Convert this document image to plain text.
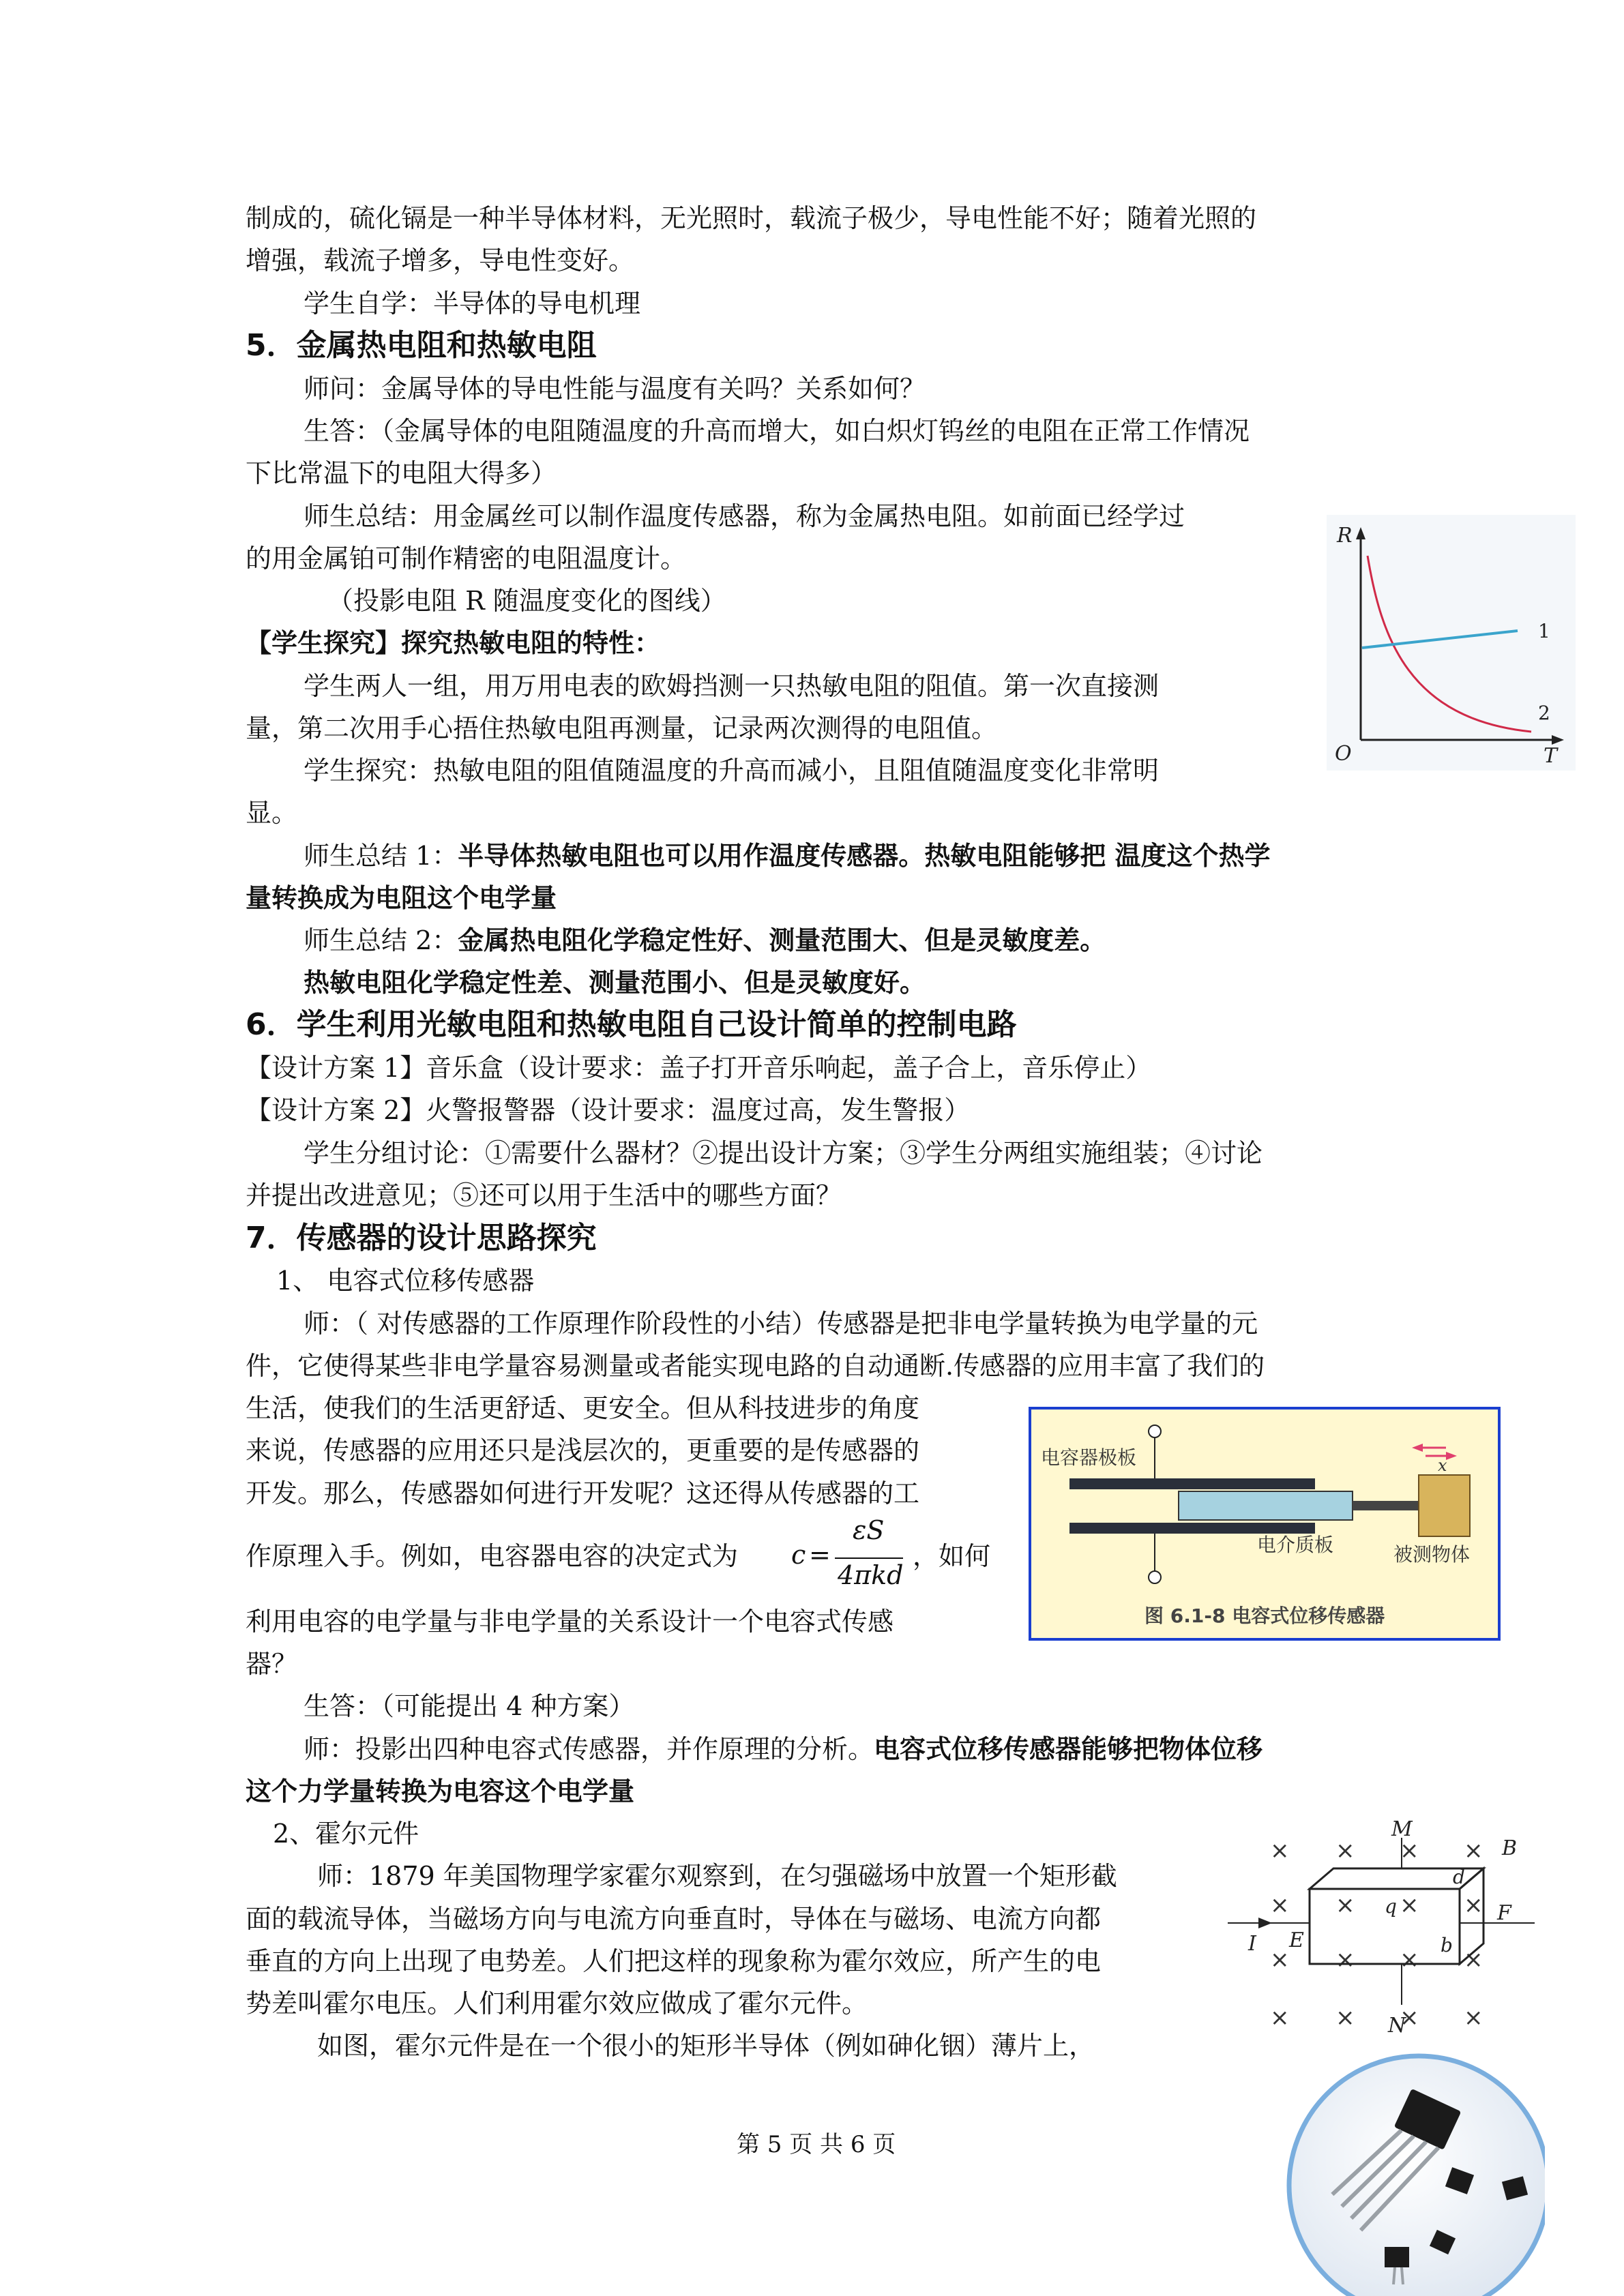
制成的，硫化镉是一种半导体材料，无光照时，载流子极少，导电性能不好；随着光照的
增强，载流子增多，导电性变好。
学生自学：半导体的导电机理
5．金属热电阻和热敏电阻
师问：金属导体的导电性能与温度有关吗？关系如何？
生答：（金属导体的电阻随温度的升高而增大，如白炽灯钨丝的电阻在正常工作情况
下比常温下的电阻大得多）
师生总结：用金属丝可以制作温度传感器，称为金属热电阻。如前面已经学过
的用金属铂可制作精密的电阻温度计。
（投影电阻 R 随温度变化的图线）
【学生探究】探究热敏电阻的特性：
学生两人一组，用万用电表的欧姆挡测一只热敏电阻的阻值。第一次直接测
量，第二次用手心捂住热敏电阻再测量，记录两次测得的电阻值。
学生探究：热敏电阻的阻值随温度的升高而减小，且阻值随温度变化非常明
显。
师生总结 1：半导体热敏电阻也可以用作温度传感器。热敏电阻能够把 温度这个热学
量转换成为电阻这个电学量
师生总结 2：金属热电阻化学稳定性好、测量范围大、但是灵敏度差。
热敏电阻化学稳定性差、测量范围小、但是灵敏度好。
6．学生利用光敏电阻和热敏电阻自己设计简单的控制电路
【设计方案 1】音乐盒（设计要求：盖子打开音乐响起，盖子合上，音乐停止）
【设计方案 2】火警报警器（设计要求：温度过高，发生警报）
学生分组讨论：①需要什么器材？②提出设计方案；③学生分两组实施组装；④讨论
并提出改进意见；⑤还可以用于生活中的哪些方面？
7．传感器的设计思路探究
1、 电容式位移传感器
师：（ 对传感器的工作原理作阶段性的小结）传感器是把非电学量转换为电学量的元
件，它使得某些非电学量容易测量或者能实现电路的自动通断.传感器的应用丰富了我们的
生活，使我们的生活更舒适、更安全。但从科技进步的角度
来说，传感器的应用还只是浅层次的，更重要的是传感器的
开发。那么，传感器如何进行开发呢？这还得从传感器的工
作原理入手。例如，电容器电容的决定式为 c =
εS
4πkd
，如何
利用电容的电学量与非电学量的关系设计一个电容式传感
器？
生答：（可能提出 4 种方案）
师：投影出四种电容式传感器，并作原理的分析。电容式位移传感器能够把物体位移
这个力学量转换为电容这个电学量
2、霍尔元件
师：1879 年美国物理学家霍尔观察到，在匀强磁场中放置一个矩形截
面的载流导体，当磁场方向与电流方向垂直时，导体在与磁场、电流方向都
垂直的方向上出现了电势差。人们把这样的现象称为霍尔效应，所产生的电
势差叫霍尔电压。人们利用霍尔效应做成了霍尔元件。
如图，霍尔元件是在一个很小的矩形半导体（例如砷化铟）薄片上，
R
T
O
1
2
x
电容器极板
电介质板	被测物体
图 6.1-8 电容式位移传感器
× × × ×
× × × ×
× × × ×
× × × ×
M
N
B
d
F
I E	b
q
第 5 页 共 6 页
